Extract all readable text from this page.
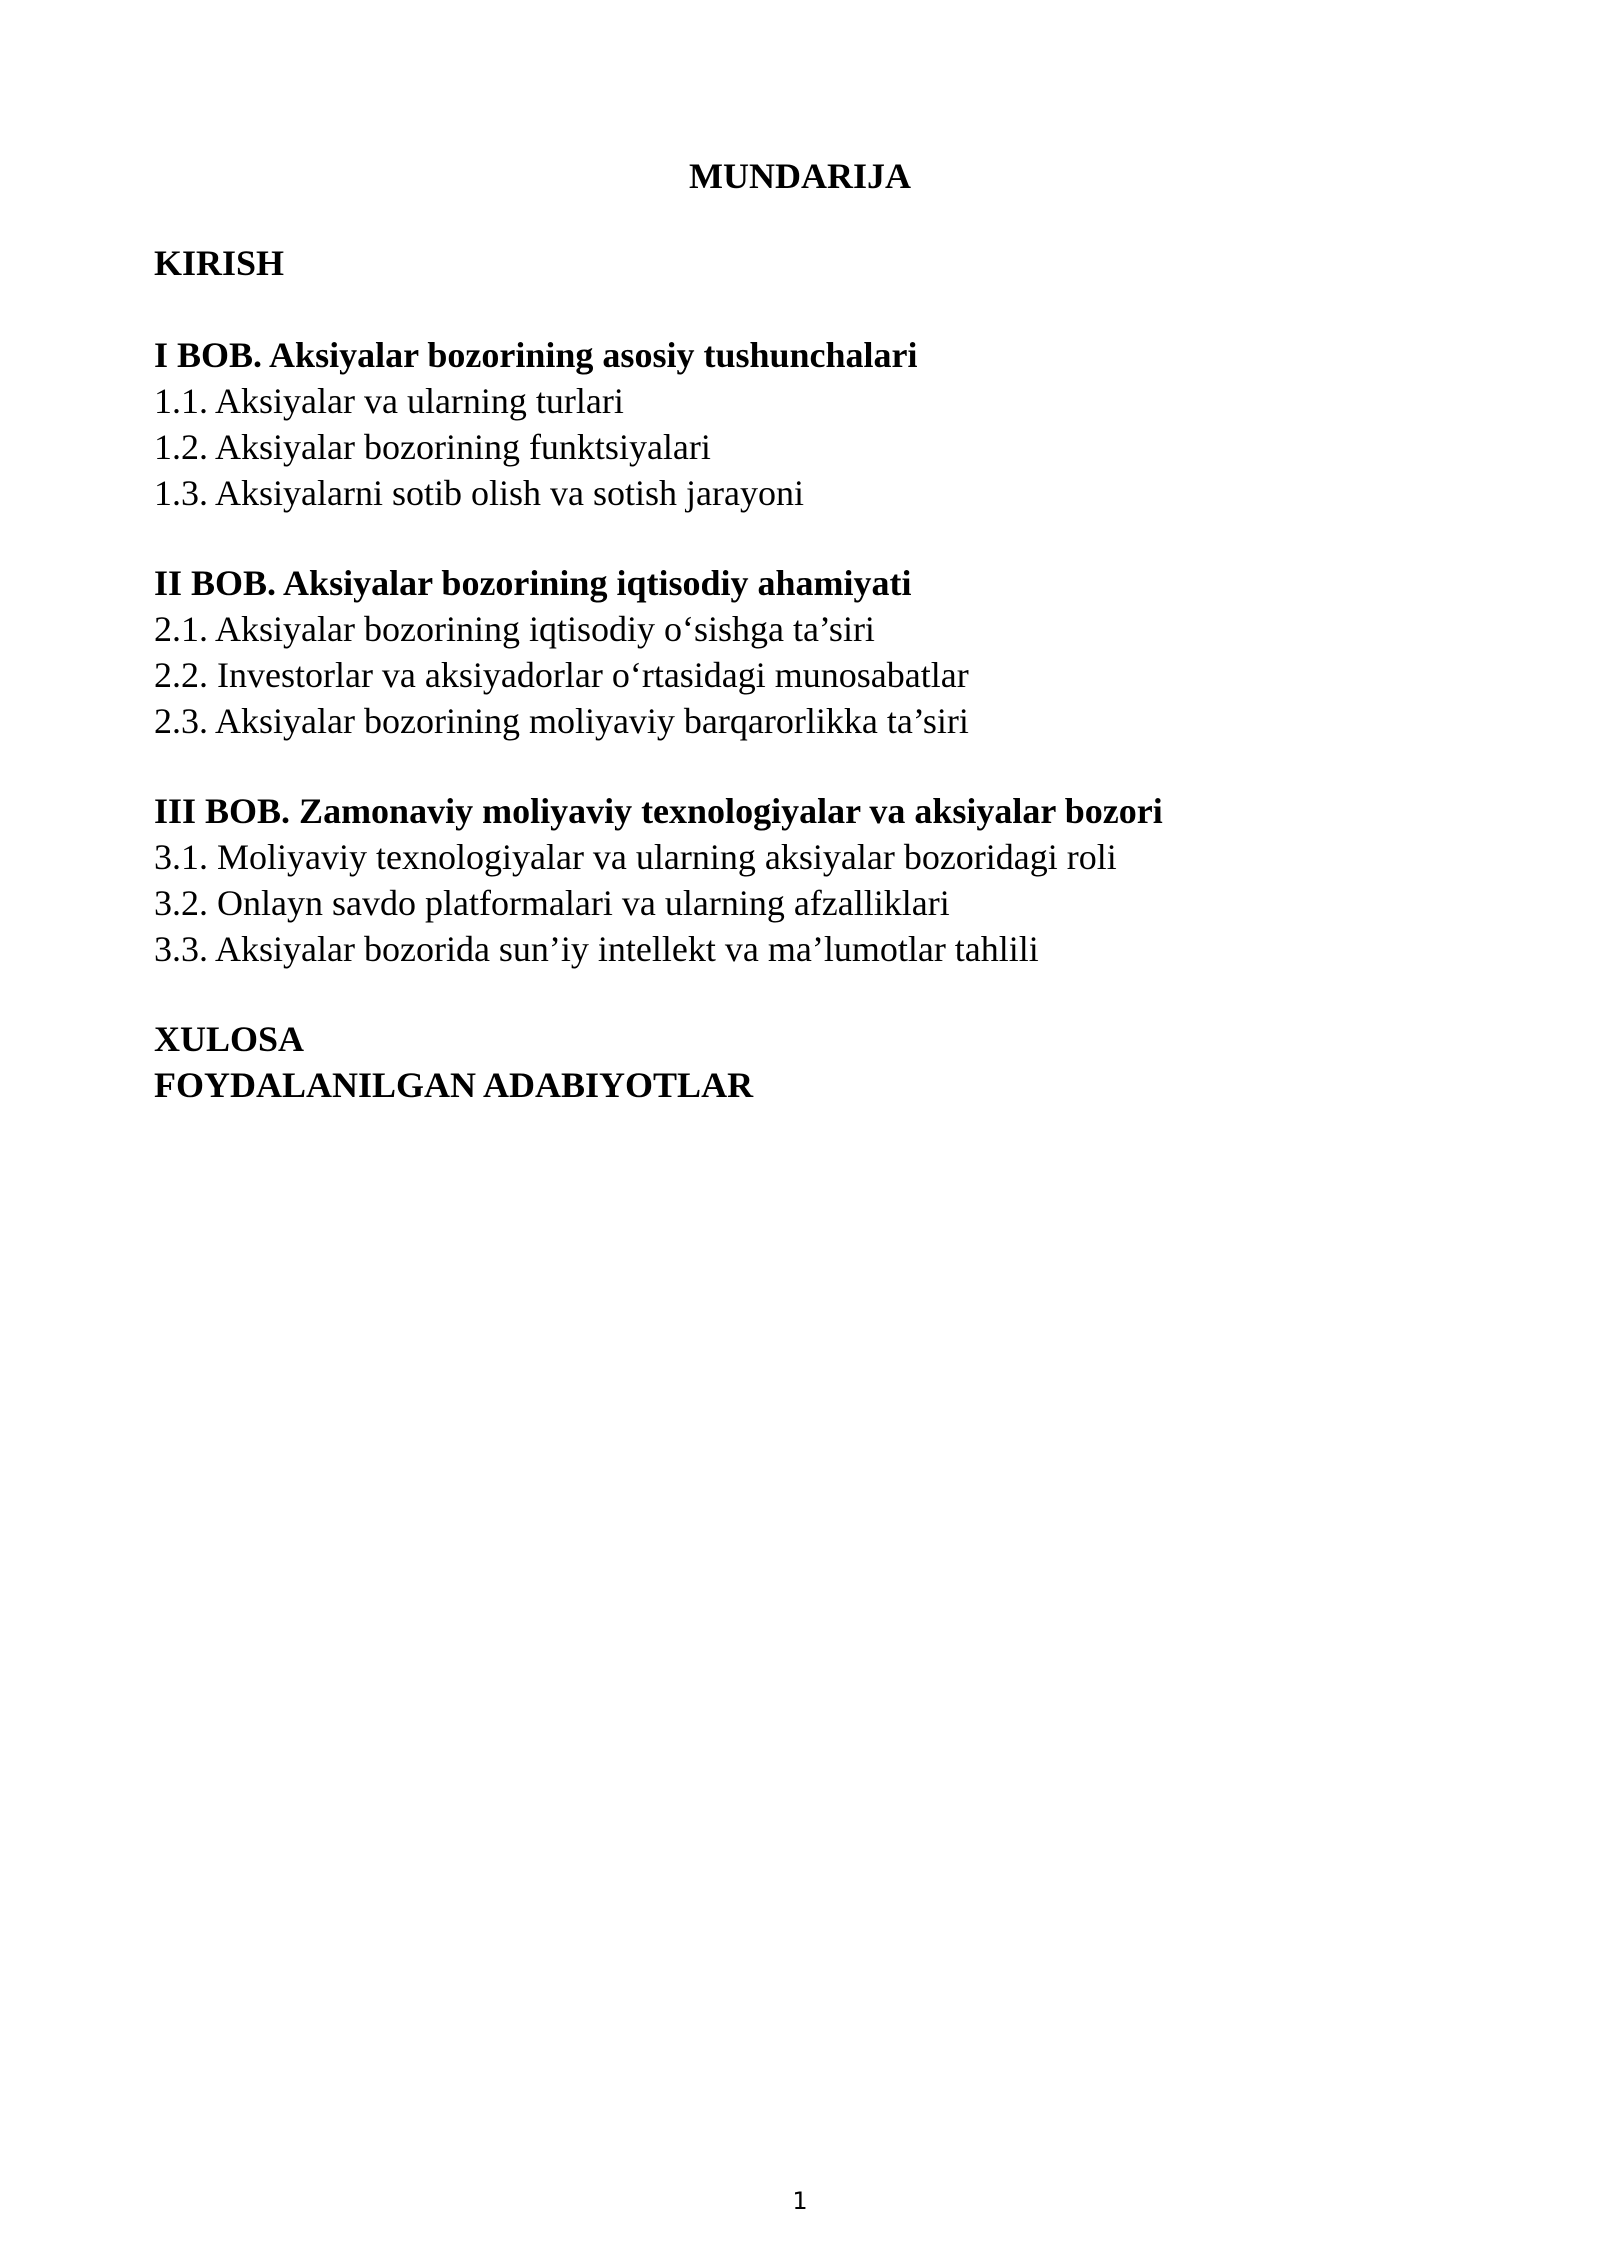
MUNDARIJA

KIRISH

I BOB. Aksiyalar bozorining asosiy tushunchalari

1.1. Aksiyalar va ularning turlari

1.2. Aksiyalar bozorining funktsiyalari

1.3. Aksiyalarni sotib olish va sotish jarayoni

II BOB. Aksiyalar bozorining iqtisodiy ahamiyati

2.1. Aksiyalar bozorining iqtisodiy o‘sishga ta’siri

2.2. Investorlar va aksiyadorlar o‘rtasidagi munosabatlar

2.3. Aksiyalar bozorining moliyaviy barqarorlikka ta’siri

III BOB. Zamonaviy moliyaviy texnologiyalar va aksiyalar bozori

3.1. Moliyaviy texnologiyalar va ularning aksiyalar bozoridagi roli

3.2. Onlayn savdo platformalari va ularning afzalliklari

3.3. Aksiyalar bozorida sun’iy intellekt va ma’lumotlar tahlili

XULOSA

FOYDALANILGAN ADABIYOTLAR

1
